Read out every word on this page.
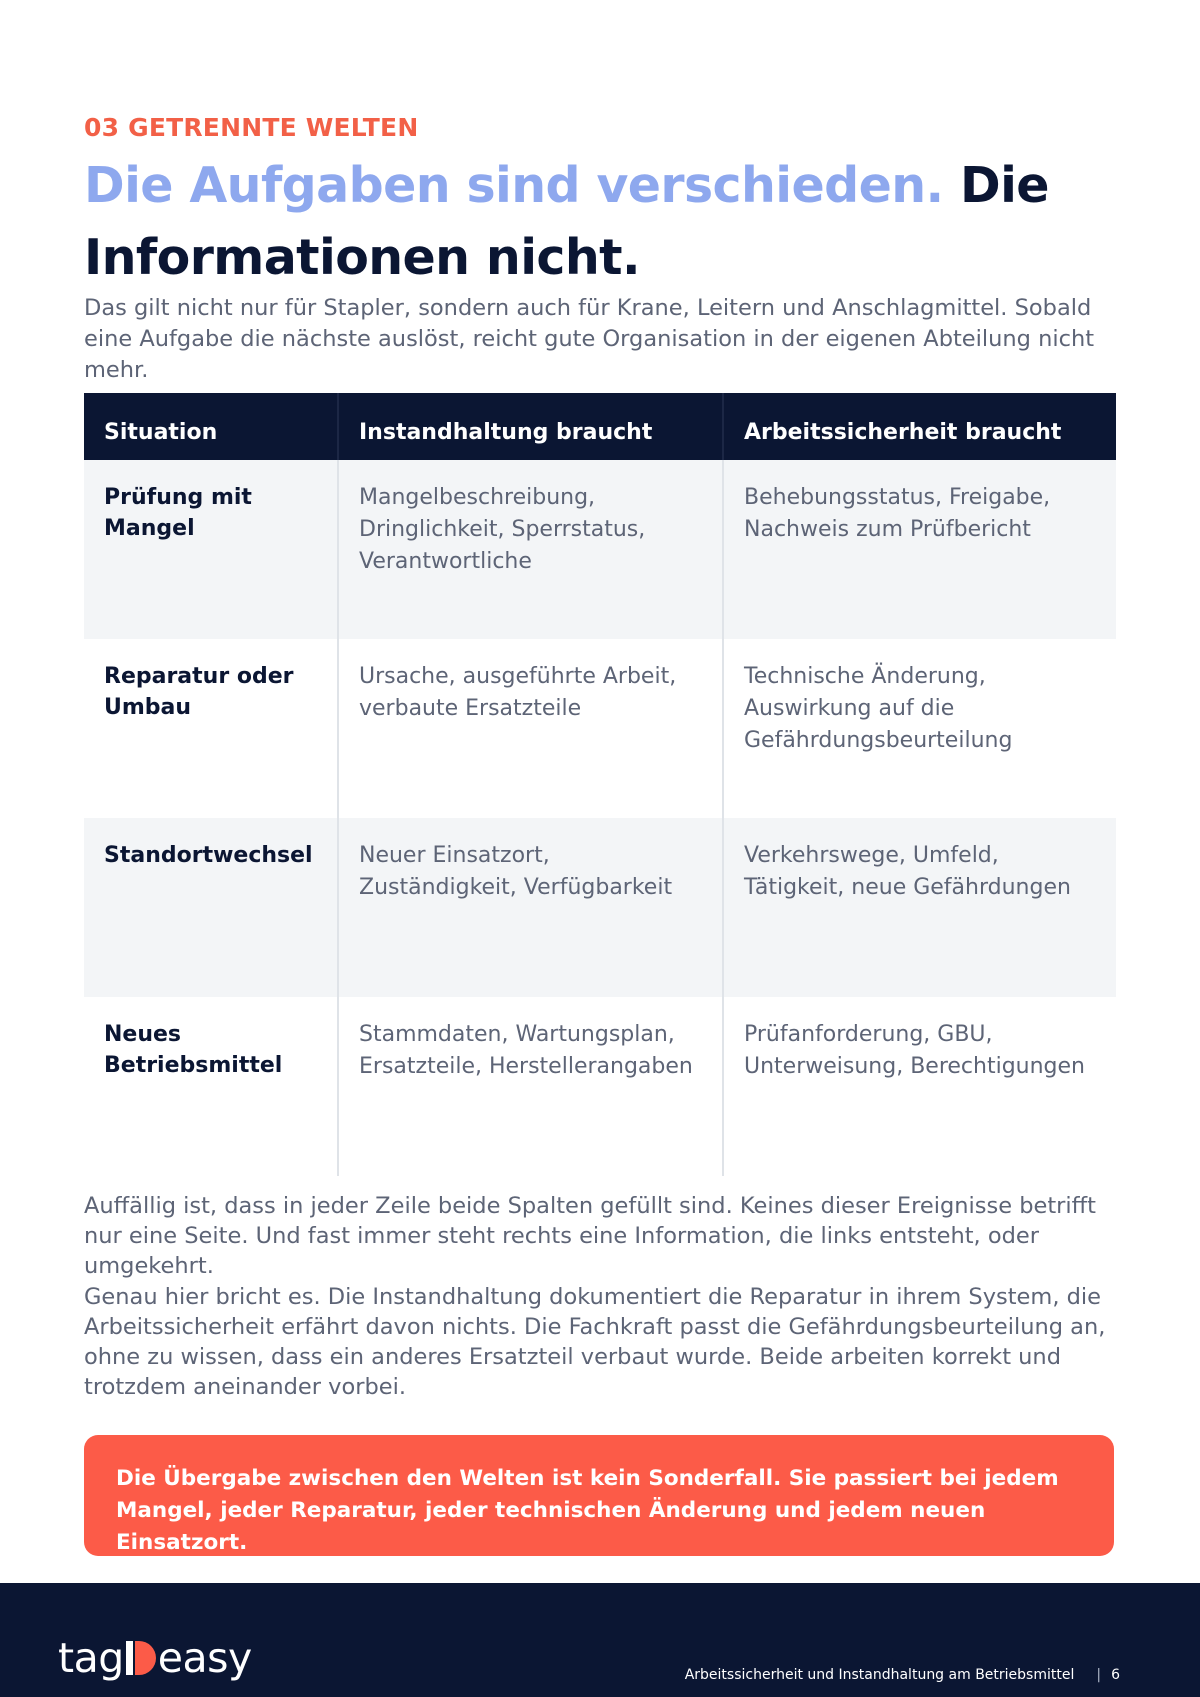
03 GETRENNTE WELTEN
Die Aufgaben sind verschieden. Die Informationen nicht.

Das gilt nicht nur für Stapler, sondern auch für Krane, Leitern und Anschlagmittel. Sobald eine Aufgabe die nächste auslöst, reicht gute Organisation in der eigenen Abteilung nicht mehr.

Situation	Instandhaltung braucht	Arbeitssicherheit braucht
Prüfung mit Mangel	Mangelbeschreibung, Dringlichkeit, Sperrstatus, Verantwortliche	Behebungsstatus, Freigabe, Nachweis zum Prüfbericht
Reparatur oder Umbau	Ursache, ausgeführte Arbeit, verbaute Ersatzteile	Technische Änderung, Auswirkung auf die Gefährdungsbeurteilung
Standortwechsel	Neuer Einsatzort, Zuständigkeit, Verfügbarkeit	Verkehrswege, Umfeld, Tätigkeit, neue Gefährdungen
Neues Betriebsmittel	Stammdaten, Wartungsplan, Ersatzteile, Herstellerangaben	Prüfanforderung, GBU, Unterweisung, Berechtigungen

Auffällig ist, dass in jeder Zeile beide Spalten gefüllt sind. Keines dieser Ereignisse betrifft nur eine Seite. Und fast immer steht rechts eine Information, die links entsteht, oder umgekehrt.

Genau hier bricht es. Die Instandhaltung dokumentiert die Reparatur in ihrem System, die Arbeitssicherheit erfährt davon nichts. Die Fachkraft passt die Gefährdungsbeurteilung an, ohne zu wissen, dass ein anderes Ersatzteil verbaut wurde. Beide arbeiten korrekt und trotzdem aneinander vorbei.

Die Übergabe zwischen den Welten ist kein Sonderfall. Sie passiert bei jedem Mangel, jeder Reparatur, jeder technischen Änderung und jedem neuen Einsatzort.

tag easy	Arbeitssicherheit und Instandhaltung am Betriebsmittel | 6
